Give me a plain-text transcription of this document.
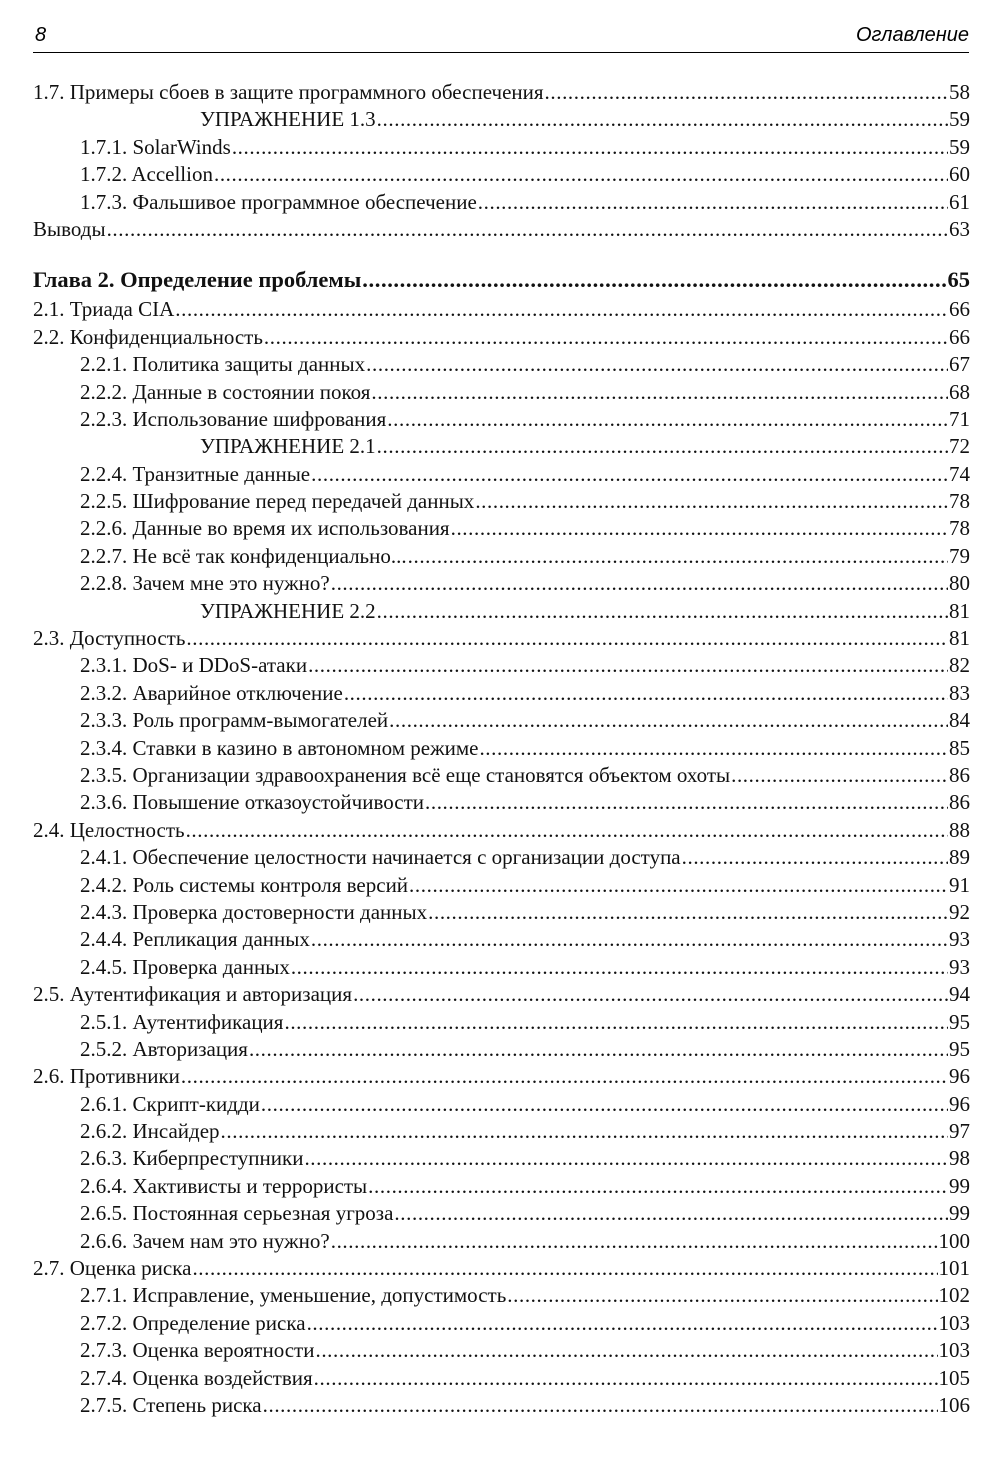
8	Оглавление
1.7. Примеры сбоев в защите программного обеспечения .....	58
УПРАЖНЕНИЕ 1.3 .....	59
1.7.1. SolarWinds .....	59
1.7.2. Accellion .....	60
1.7.3. Фальшивое программное обеспечение .....	61
Выводы .....	63
Глава 2. Определение проблемы .....	65
2.1. Триада CIA .....	66
2.2. Конфиденциальность .....	66
2.2.1. Политика защиты данных .....	67
2.2.2. Данные в состоянии покоя .....	68
2.2.3. Использование шифрования .....	71
УПРАЖНЕНИЕ 2.1 .....	72
2.2.4. Транзитные данные .....	74
2.2.5. Шифрование перед передачей данных .....	78
2.2.6. Данные во время их использования .....	78
2.2.7. Не всё так конфиденциально... .....	79
2.2.8. Зачем мне это нужно? .....	80
УПРАЖНЕНИЕ 2.2 .....	81
2.3. Доступность .....	81
2.3.1. DoS- и DDoS-атаки .....	82
2.3.2. Аварийное отключение .....	83
2.3.3. Роль программ-вымогателей .....	84
2.3.4. Ставки в казино в автономном режиме .....	85
2.3.5. Организации здравоохранения всё еще становятся объектом охоты .....	86
2.3.6. Повышение отказоустойчивости .....	86
2.4. Целостность .....	88
2.4.1. Обеспечение целостности начинается с организации доступа .....	89
2.4.2. Роль системы контроля версий .....	91
2.4.3. Проверка достоверности данных .....	92
2.4.4. Репликация данных .....	93
2.4.5. Проверка данных .....	93
2.5. Аутентификация и авторизация .....	94
2.5.1. Аутентификация .....	95
2.5.2. Авторизация .....	95
2.6. Противники .....	96
2.6.1. Скрипт-кидди .....	96
2.6.2. Инсайдер .....	97
2.6.3. Киберпреступники .....	98
2.6.4. Хактивисты и террористы .....	99
2.6.5. Постоянная серьезная угроза .....	99
2.6.6. Зачем нам это нужно? .....	100
2.7. Оценка риска .....	101
2.7.1. Исправление, уменьшение, допустимость .....	102
2.7.2. Определение риска .....	103
2.7.3. Оценка вероятности .....	103
2.7.4. Оценка воздействия .....	105
2.7.5. Степень риска .....	106
